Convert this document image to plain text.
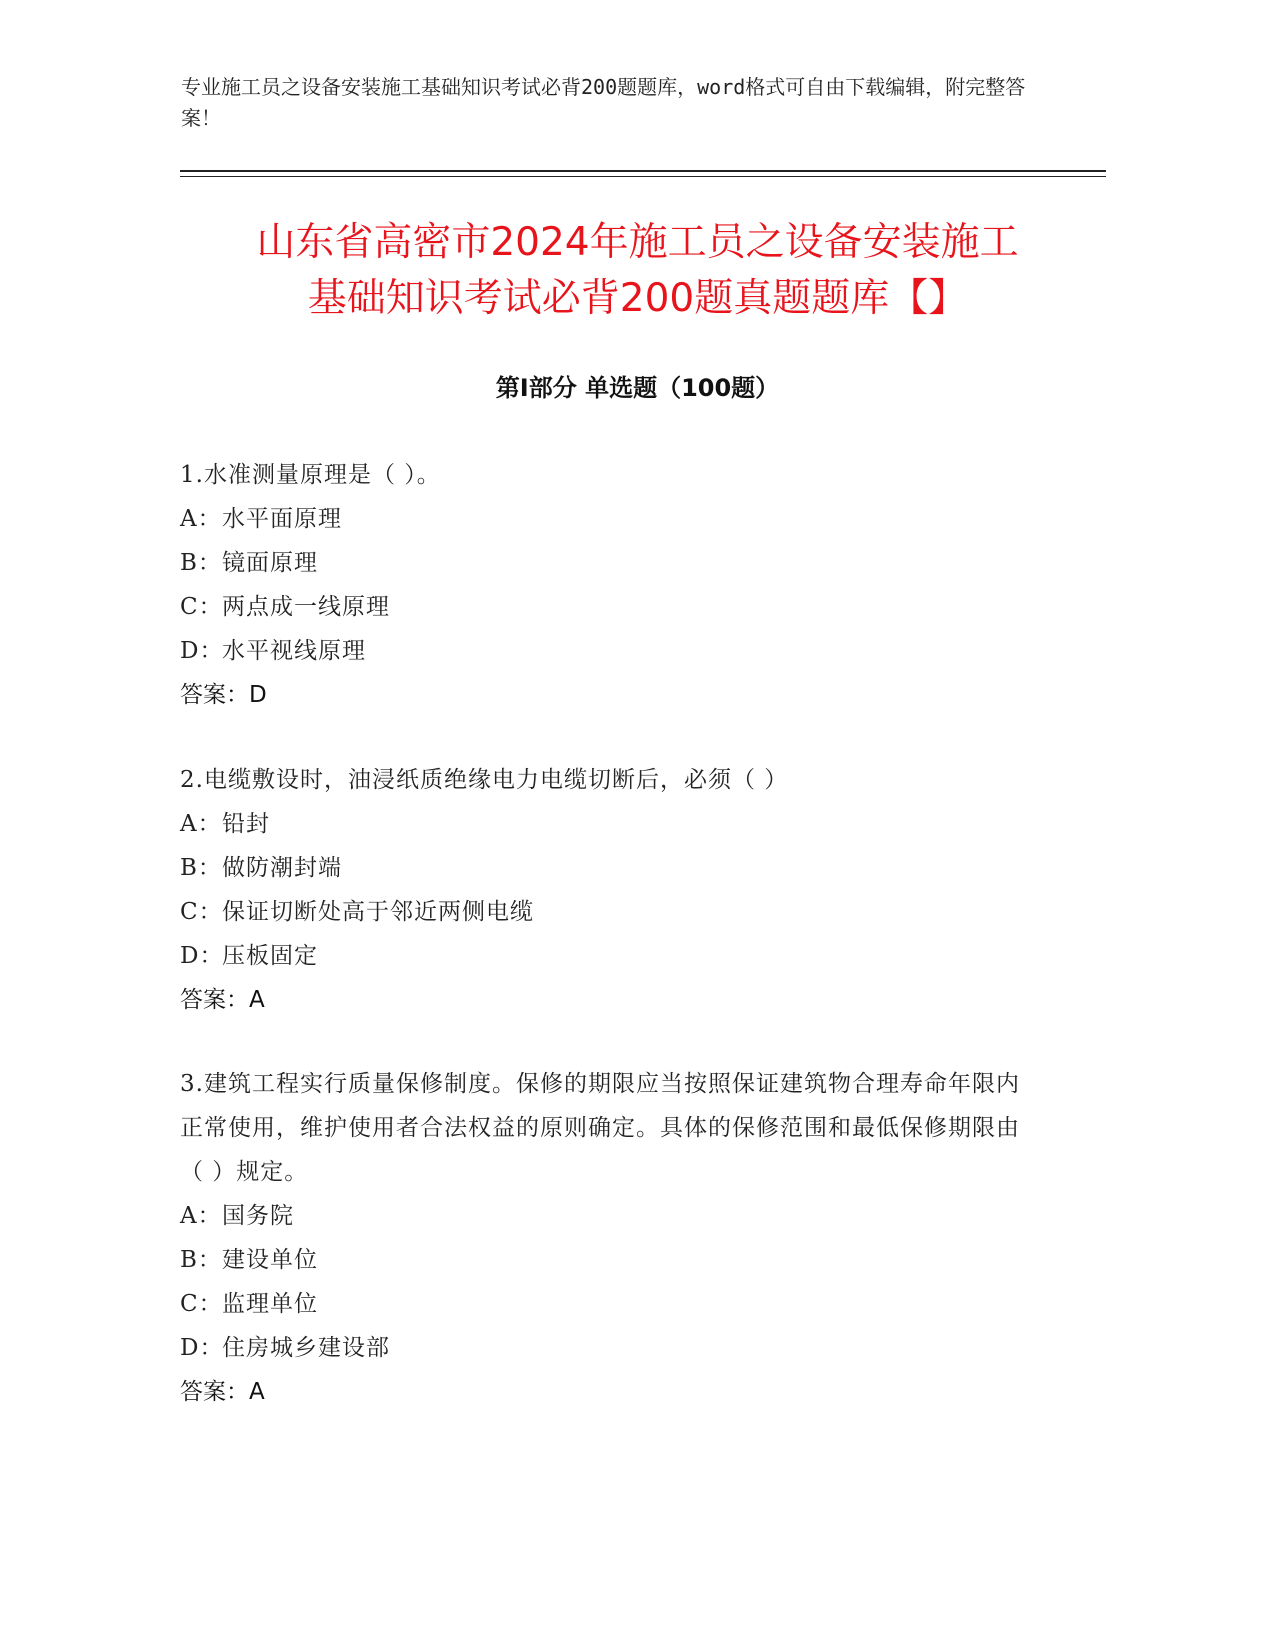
专业施工员之设备安装施工基础知识考试必背200题题库，word格式可自由下载编辑，附完整答案！
山东省高密市2024年施工员之设备安装施工
基础知识考试必背200题真题题库【】
第Ⅰ部分 单选题（100题）
1.水准测量原理是（ ）。
A：水平面原理
B：镜面原理
C：两点成一线原理
D：水平视线原理
答案：D
2.电缆敷设时，油浸纸质绝缘电力电缆切断后，必须（ ）
A：铅封
B：做防潮封端
C：保证切断处高于邻近两侧电缆
D：压板固定
答案：A
3.建筑工程实行质量保修制度。保修的期限应当按照保证建筑物合理寿命年限内正常使用，维护使用者合法权益的原则确定。具体的保修范围和最低保修期限由（ ）规定。
A：国务院
B：建设单位
C：监理单位
D：住房城乡建设部
答案：A
